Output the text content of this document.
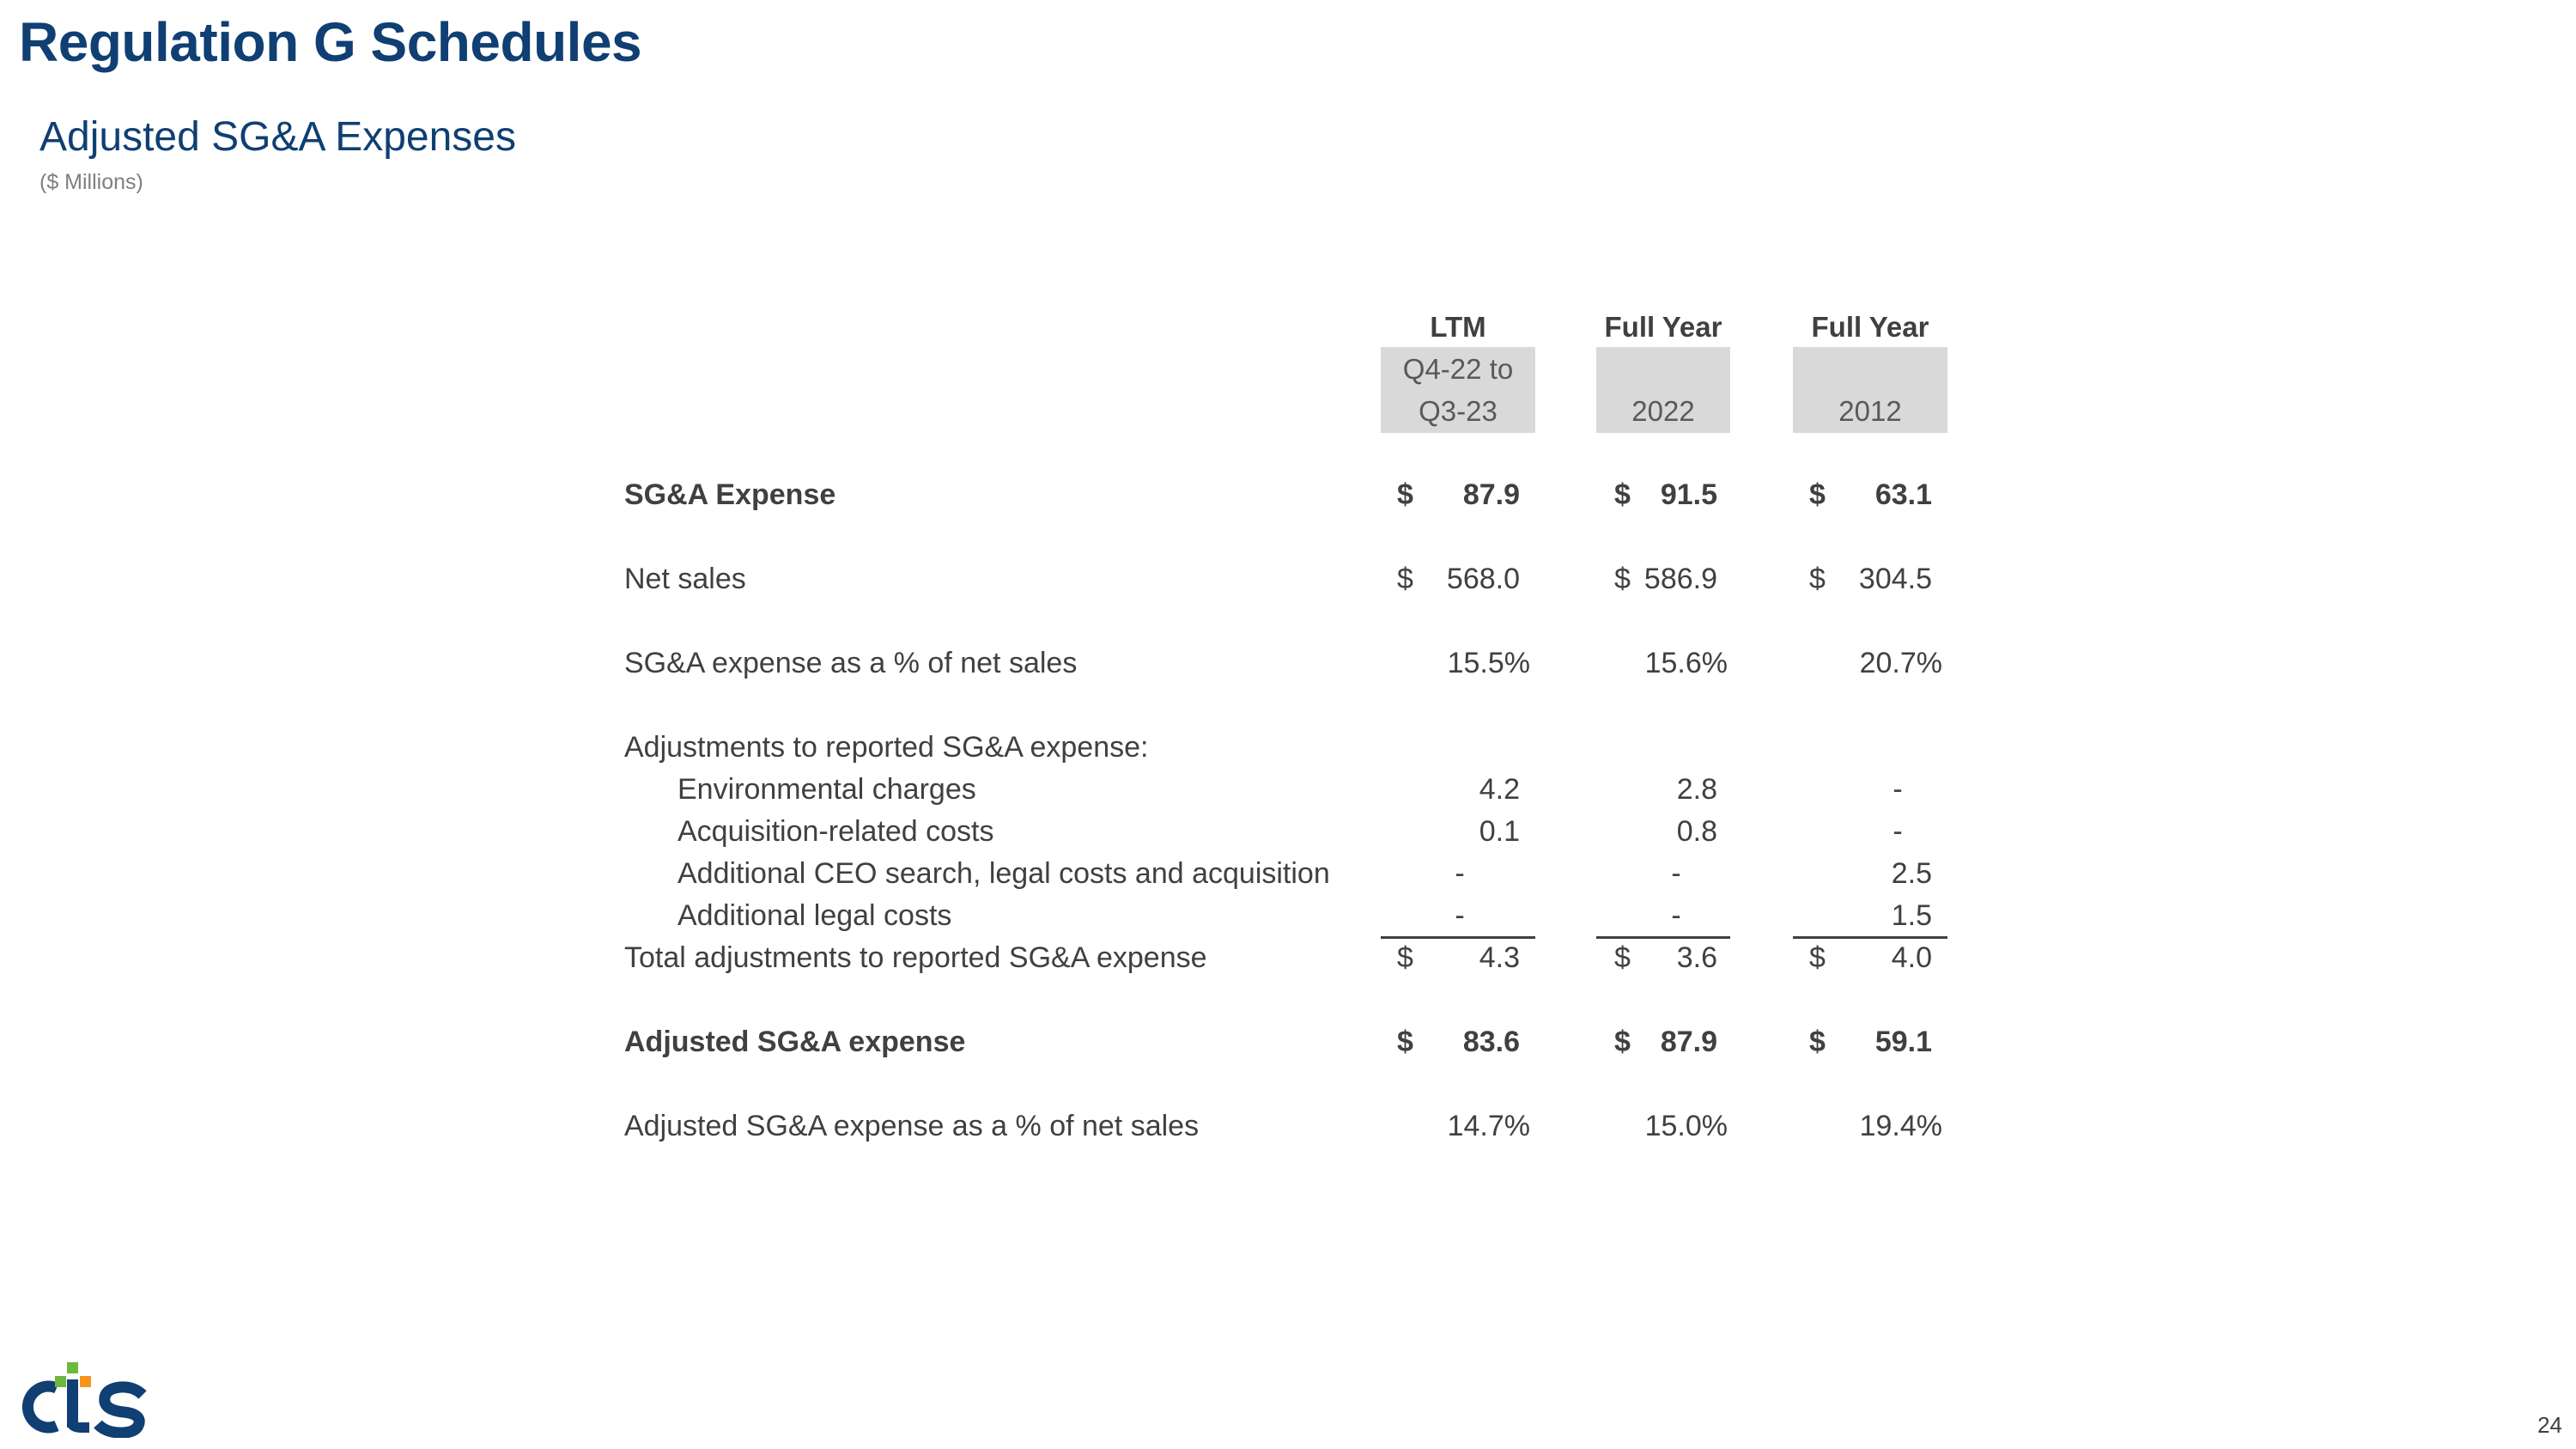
Regulation G Schedules
Adjusted SG&A Expenses
($ Millions)
LTM	Full Year	Full Year
Q4-22 to
Q3-23	2022	2012
SG&A Expense	$	87.9	$	91.5	$	63.1
Net sales	$	568.0	$ 586.9	$	304.5
SG&A expense as a % of net sales	15.5%	15.6%	20.7%
Adjustments to reported SG&A expense:
Environmental charges	4.2	2.8	-
Acquisition-related costs	0.1	0.8	-
Additional CEO search, legal costs and acquisition	-	-	2.5
Additional legal costs	-	-	1.5
Total adjustments to reported SG&A expense	$	4.3	$	3.6	$	4.0
Adjusted SG&A expense	$	83.6	$	87.9	$	59.1
Adjusted SG&A expense as a % of net sales	14.7%	15.0%	19.4%
24
